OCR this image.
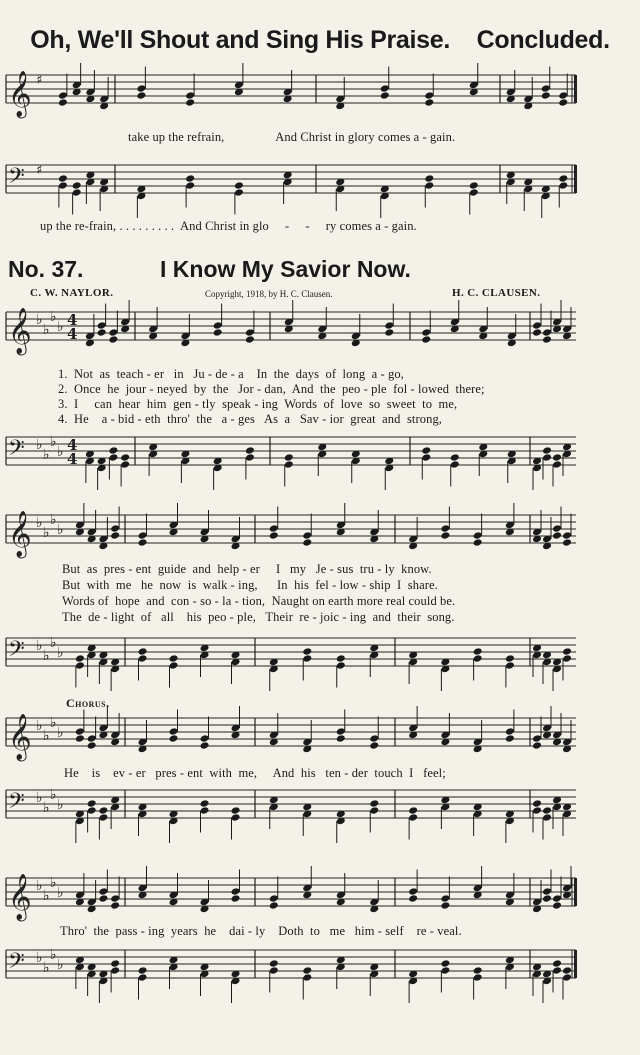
Oh, We'll Shout and Sing His Praise. Concluded.
𝄞 ♯
𝄢 ♯
𝄞 ♭
♭
♭
♭ 4
4
𝄢 ♭
♭
♭
♭ 4
4
𝄞 ♭
♭
♭
♭
𝄢 ♭
♭
♭
♭
𝄞 ♭
♭
♭
♭
𝄢 ♭
♭
♭
♭
𝄞 ♭
♭
♭
♭
𝄢 ♭
♭
♭
♭
take up the refrain,                And Christ in glory comes a - gain.
up the re-frain, . . . . . . . . .  And Christ in glo     -     -     ry comes a - gain.
No. 37.	I Know My Savior Now.
C. W. NAYLOR.	Copyright, 1918, by H. C. Clausen.	H. C. CLAUSEN.
1.  Not  as  teach - er   in   Ju - de - a    In  the  days  of  long  a - go,
2.  Once  he  jour - neyed  by  the   Jor - dan,  And  the  peo - ple  fol - lowed  there;
3.  I     can  hear  him  gen - tly  speak - ing  Words  of  love  so  sweet  to  me,
4.  He    a - bid - eth  thro'  the   a - ges   As  a   Sav - ior  great  and  strong,
But  as  pres - ent  guide  and  help - er     I   my   Je - sus  tru - ly  know.
But  with  me   he  now  is  walk - ing,      In  his  fel - low - ship  I  share.
Words of  hope  and  con - so - la - tion,  Naught on earth more real could be.
The  de - light  of   all    his  peo - ple,   Their  re - joic - ing  and  their  song.
Chorus.
He    is    ev - er   pres - ent  with  me,     And  his   ten - der  touch  I   feel;
Thro'  the  pass - ing  years  he    dai - ly    Doth  to   me   him - self    re - veal.
